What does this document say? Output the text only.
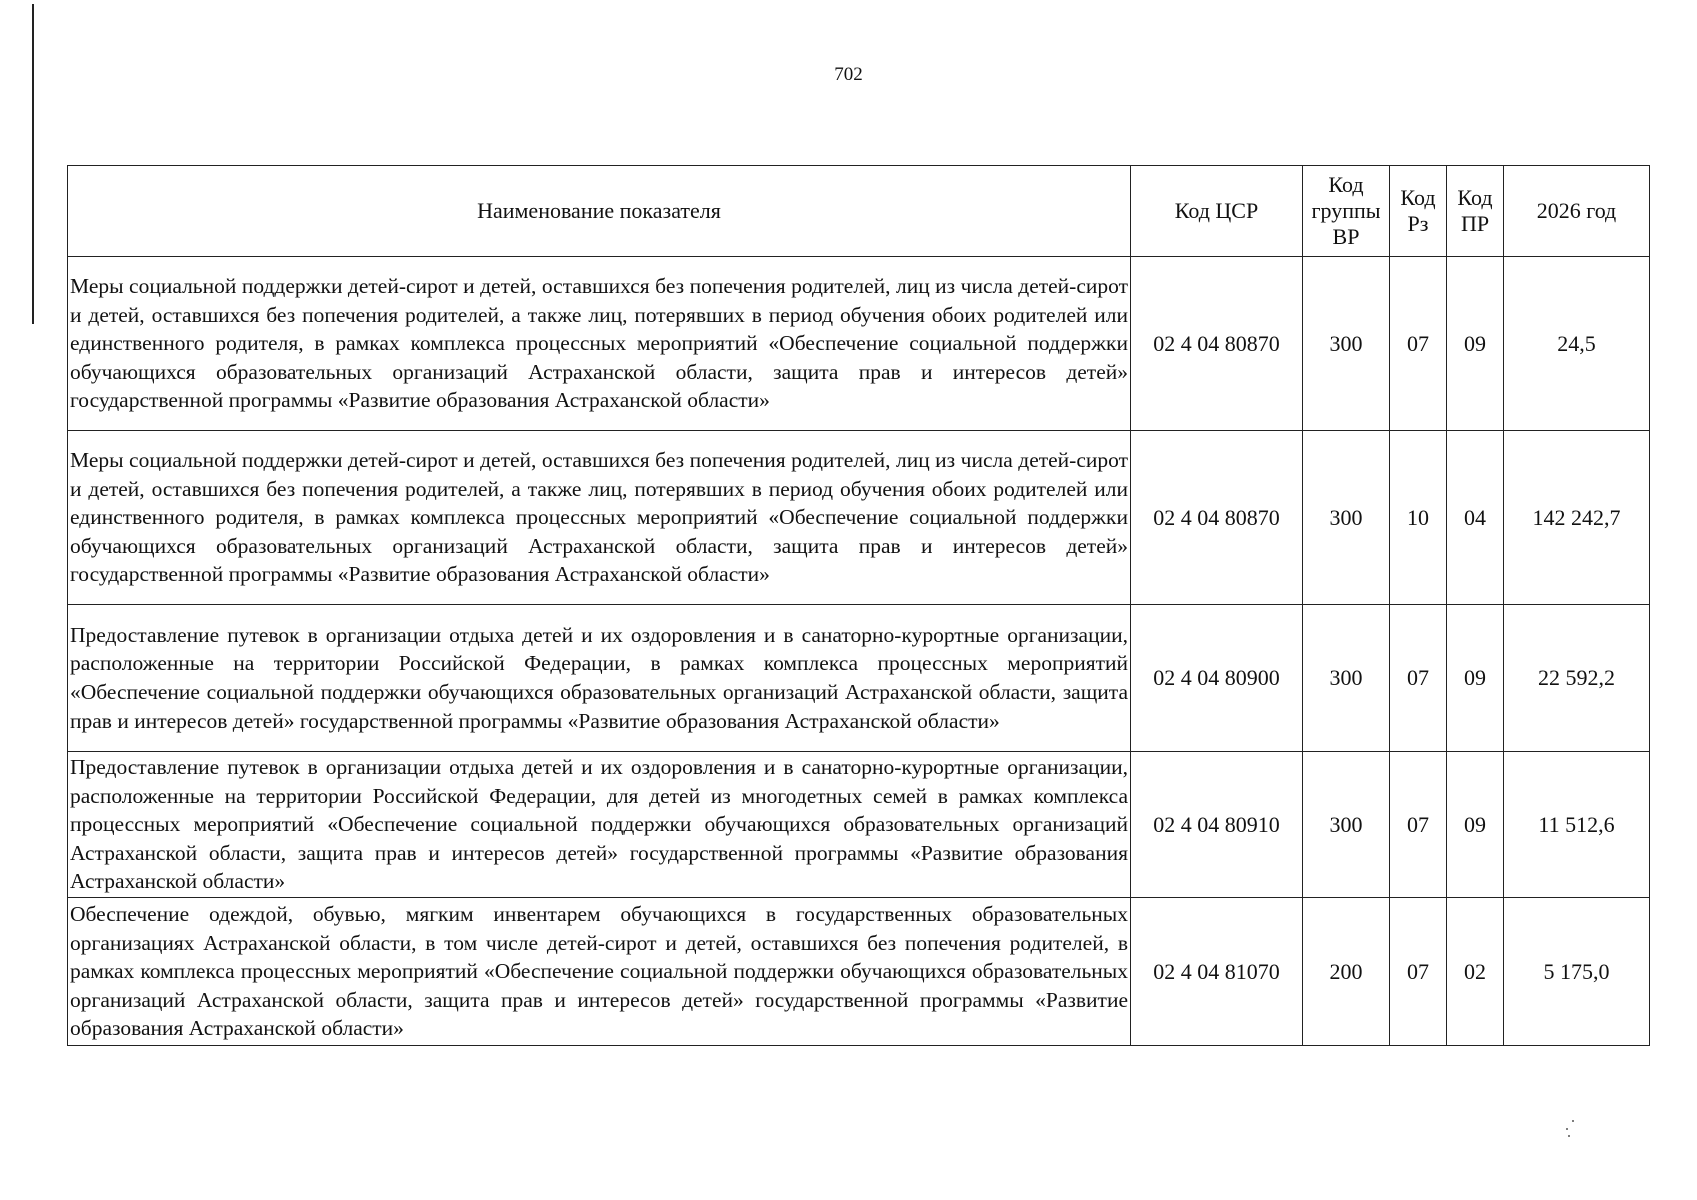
702
Наименование показателя	Код ЦСР	Код группы ВР	Код Рз	Код ПР	2026 год
Меры социальной поддержки детей-сирот и детей, оставшихся без попечения родителей, лиц из числа детей-сирот и детей, оставшихся без попечения родителей, а также лиц, потерявших в период обучения обоих родителей или единственного родителя, в рамках комплекса процессных мероприятий «Обеспечение социальной поддержки обучающихся образовательных организаций Астраханской области, защита прав и интересов детей» государственной программы «Развитие образования Астраханской области»	02 4 04 80870	300	07	09	24,5
Меры социальной поддержки детей-сирот и детей, оставшихся без попечения родителей, лиц из числа детей-сирот и детей, оставшихся без попечения родителей, а также лиц, потерявших в период обучения обоих родителей или единственного родителя, в рамках комплекса процессных мероприятий «Обеспечение социальной поддержки обучающихся образовательных организаций Астраханской области, защита прав и интересов детей» государственной программы «Развитие образования Астраханской области»	02 4 04 80870	300	10	04	142 242,7
Предоставление путевок в организации отдыха детей и их оздоровления и в санаторно-курортные организации, расположенные на территории Российской Федерации, в рамках комплекса процессных мероприятий «Обеспечение социальной поддержки обучающихся образовательных организаций Астраханской области, защита прав и интересов детей» государственной программы «Развитие образования Астраханской области»	02 4 04 80900	300	07	09	22 592,2
Предоставление путевок в организации отдыха детей и их оздоровления и в санаторно-курортные организации, расположенные на территории Российской Федерации, для детей из многодетных семей в рамках комплекса процессных мероприятий «Обеспечение социальной поддержки обучающихся образовательных организаций Астраханской области, защита прав и интересов детей» государственной программы «Развитие образования Астраханской области»	02 4 04 80910	300	07	09	11 512,6
Обеспечение одеждой, обувью, мягким инвентарем обучающихся в государственных образовательных организациях Астраханской области, в том числе детей-сирот и детей, оставшихся без попечения родителей, в рамках комплекса процессных мероприятий «Обеспечение социальной поддержки обучающихся образовательных организаций Астраханской области, защита прав и интересов детей» государственной программы «Развитие образования Астраханской области»	02 4 04 81070	200	07	02	5 175,0
